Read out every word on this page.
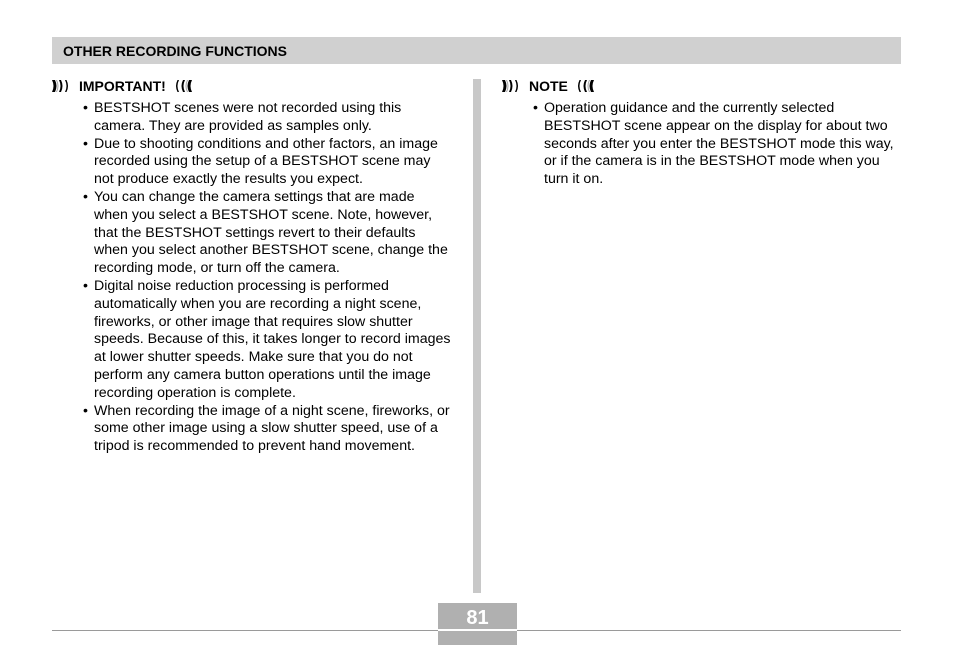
OTHER RECORDING FUNCTIONS
IMPORTANT!
• BESTSHOT scenes were not recorded using this camera. They are provided as samples only.
• Due to shooting conditions and other factors, an image recorded using the setup of a BESTSHOT scene may not produce exactly the results you expect.
• You can change the camera settings that are made when you select a BESTSHOT scene. Note, however, that the BESTSHOT settings revert to their defaults when you select another BESTSHOT scene, change the recording mode, or turn off the camera.
• Digital noise reduction processing is performed automatically when you are recording a night scene, fireworks, or other image that requires slow shutter speeds. Because of this, it takes longer to record images at lower shutter speeds. Make sure that you do not perform any camera button operations until the image recording operation is complete.
• When recording the image of a night scene, fireworks, or some other image using a slow shutter speed, use of a tripod is recommended to prevent hand movement.
NOTE
• Operation guidance and the currently selected BESTSHOT scene appear on the display for about two seconds after you enter the BESTSHOT mode this way, or if the camera is in the BESTSHOT mode when you turn it on.
81
